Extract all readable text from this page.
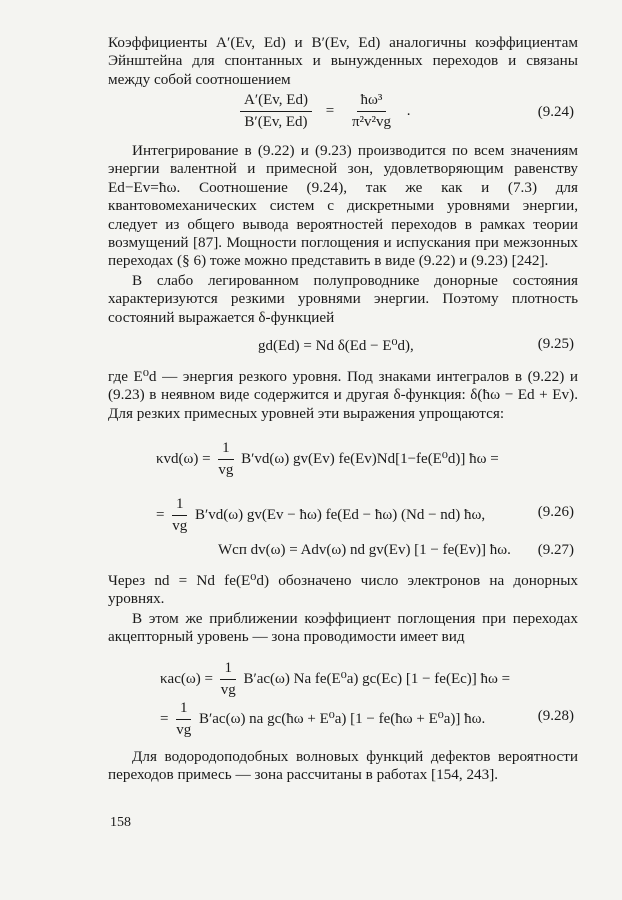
Коэффициенты A′(Ev, Ed) и B′(Ev, Ed) аналогичны коэффициентам Эйнштейна для спонтанных и вынужденных переходов и связаны между собой соотношением

$\frac{A'(Ev, Ed)}{B'(Ev, Ed)} = \frac{\text{ħω³}}{\text{π²v²vg}}$ .	(9.24)

Интегрирование в (9.22) и (9.23) производится по всем значениям энергии валентной и примесной зон, удовлетворяющим равенству Ed−Ev=ħω. Соотношение (9.24), так же как и (7.3) для квантовомеханических систем с дискретными уровнями энергии, следует из общего вывода вероятностей переходов в рамках теории возмущений [87]. Мощности поглощения и испускания при межзонных переходах (§ 6) тоже можно представить в виде (9.22) и (9.23) [242].

В слабо легированном полупроводнике донорные состояния характеризуются резкими уровнями энергии. Поэтому плотность состояний выражается δ-функцией

gd(Ed) = Nd δ(Ed − E⁰d),	(9.25)

где E⁰d — энергия резкого уровня. Под знаками интегралов в (9.22) и (9.23) в неявном виде содержится и другая δ-функция: δ(ħω − Ed + Ev). Для резких примесных уровней эти выражения упрощаются:

$\kappa vd(\omega) = \frac{1}{vg} B'vd(\omega)$ gv(Ev) fe(Ev)Nd[1−fe(E⁰d)] ħω =
= $\frac{1}{vg} B'vd(\omega) gv(Ev$ − ħω) fe(Ed − ħω) (Nd − nd) ħω,	(9.26)
Wсп dv(ω) = Adv(ω) nd gv(Ev) [1 − fe(Ev)] ħω. (9.27)

Через nd = Nd fe(E⁰d) обозначено число электронов на донорных уровнях.

В этом же приближении коэффициент поглощения при переходах акцепторный уровень — зона проводимости имеет вид

$\kappa ac(\omega) = \frac{1}{vg} B'ac(\omega)$ Na fe(E⁰a) gc(Ec) [1 − fe(Ec)] ħω =
= $\frac{1}{vg} B'ac(\omega)$ na gc(ħω + E⁰a) [1 − fe(ħω + E⁰a)] ħω.	(9.28)

Для водородоподобных волновых функций дефектов вероятности переходов примесь — зона рассчитаны в работах [154, 243].

158
